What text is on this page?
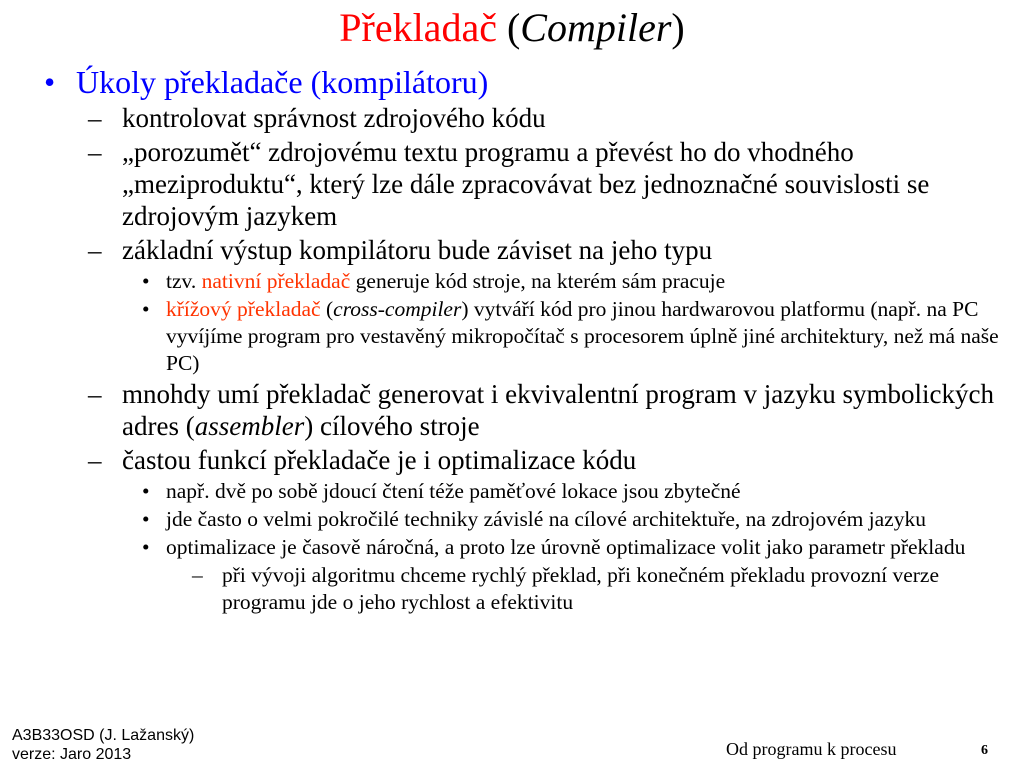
Překladač (Compiler)
• Úkoly překladače (kompilátoru)
– kontrolovat správnost zdrojového kódu
– „porozumět“ zdrojovému textu programu a převést ho do vhodného „meziproduktu“, který lze dále zpracovávat bez jednoznačné souvislosti se zdrojovým jazykem
– základní výstup kompilátoru bude záviset na jeho typu
• tzv. nativní překladač generuje kód stroje, na kterém sám pracuje
• křížový překladač (cross-compiler) vytváří kód pro jinou hardwarovou platformu (např. na PC vyvíjíme program pro vestavěný mikropočítač s procesorem úplně jiné architektury, než má naše PC)
– mnohdy umí překladač generovat i ekvivalentní program v jazyku symbolických adres (assembler) cílového stroje
– častou funkcí překladače je i optimalizace kódu
• např. dvě po sobě jdoucí čtení téže paměťové lokace jsou zbytečné
• jde často o velmi pokročilé techniky závislé na cílové architektuře, na zdrojovém jazyku
• optimalizace je časově náročná, a proto lze úrovně optimalizace volit jako parametr překladu
– při vývoji algoritmu chceme rychlý překlad, při konečném překladu provozní verze programu jde o jeho rychlost a efektivitu
A3B33OSD (J. Lažanský)
verze: Jaro 2013	Od programu k procesu	6
